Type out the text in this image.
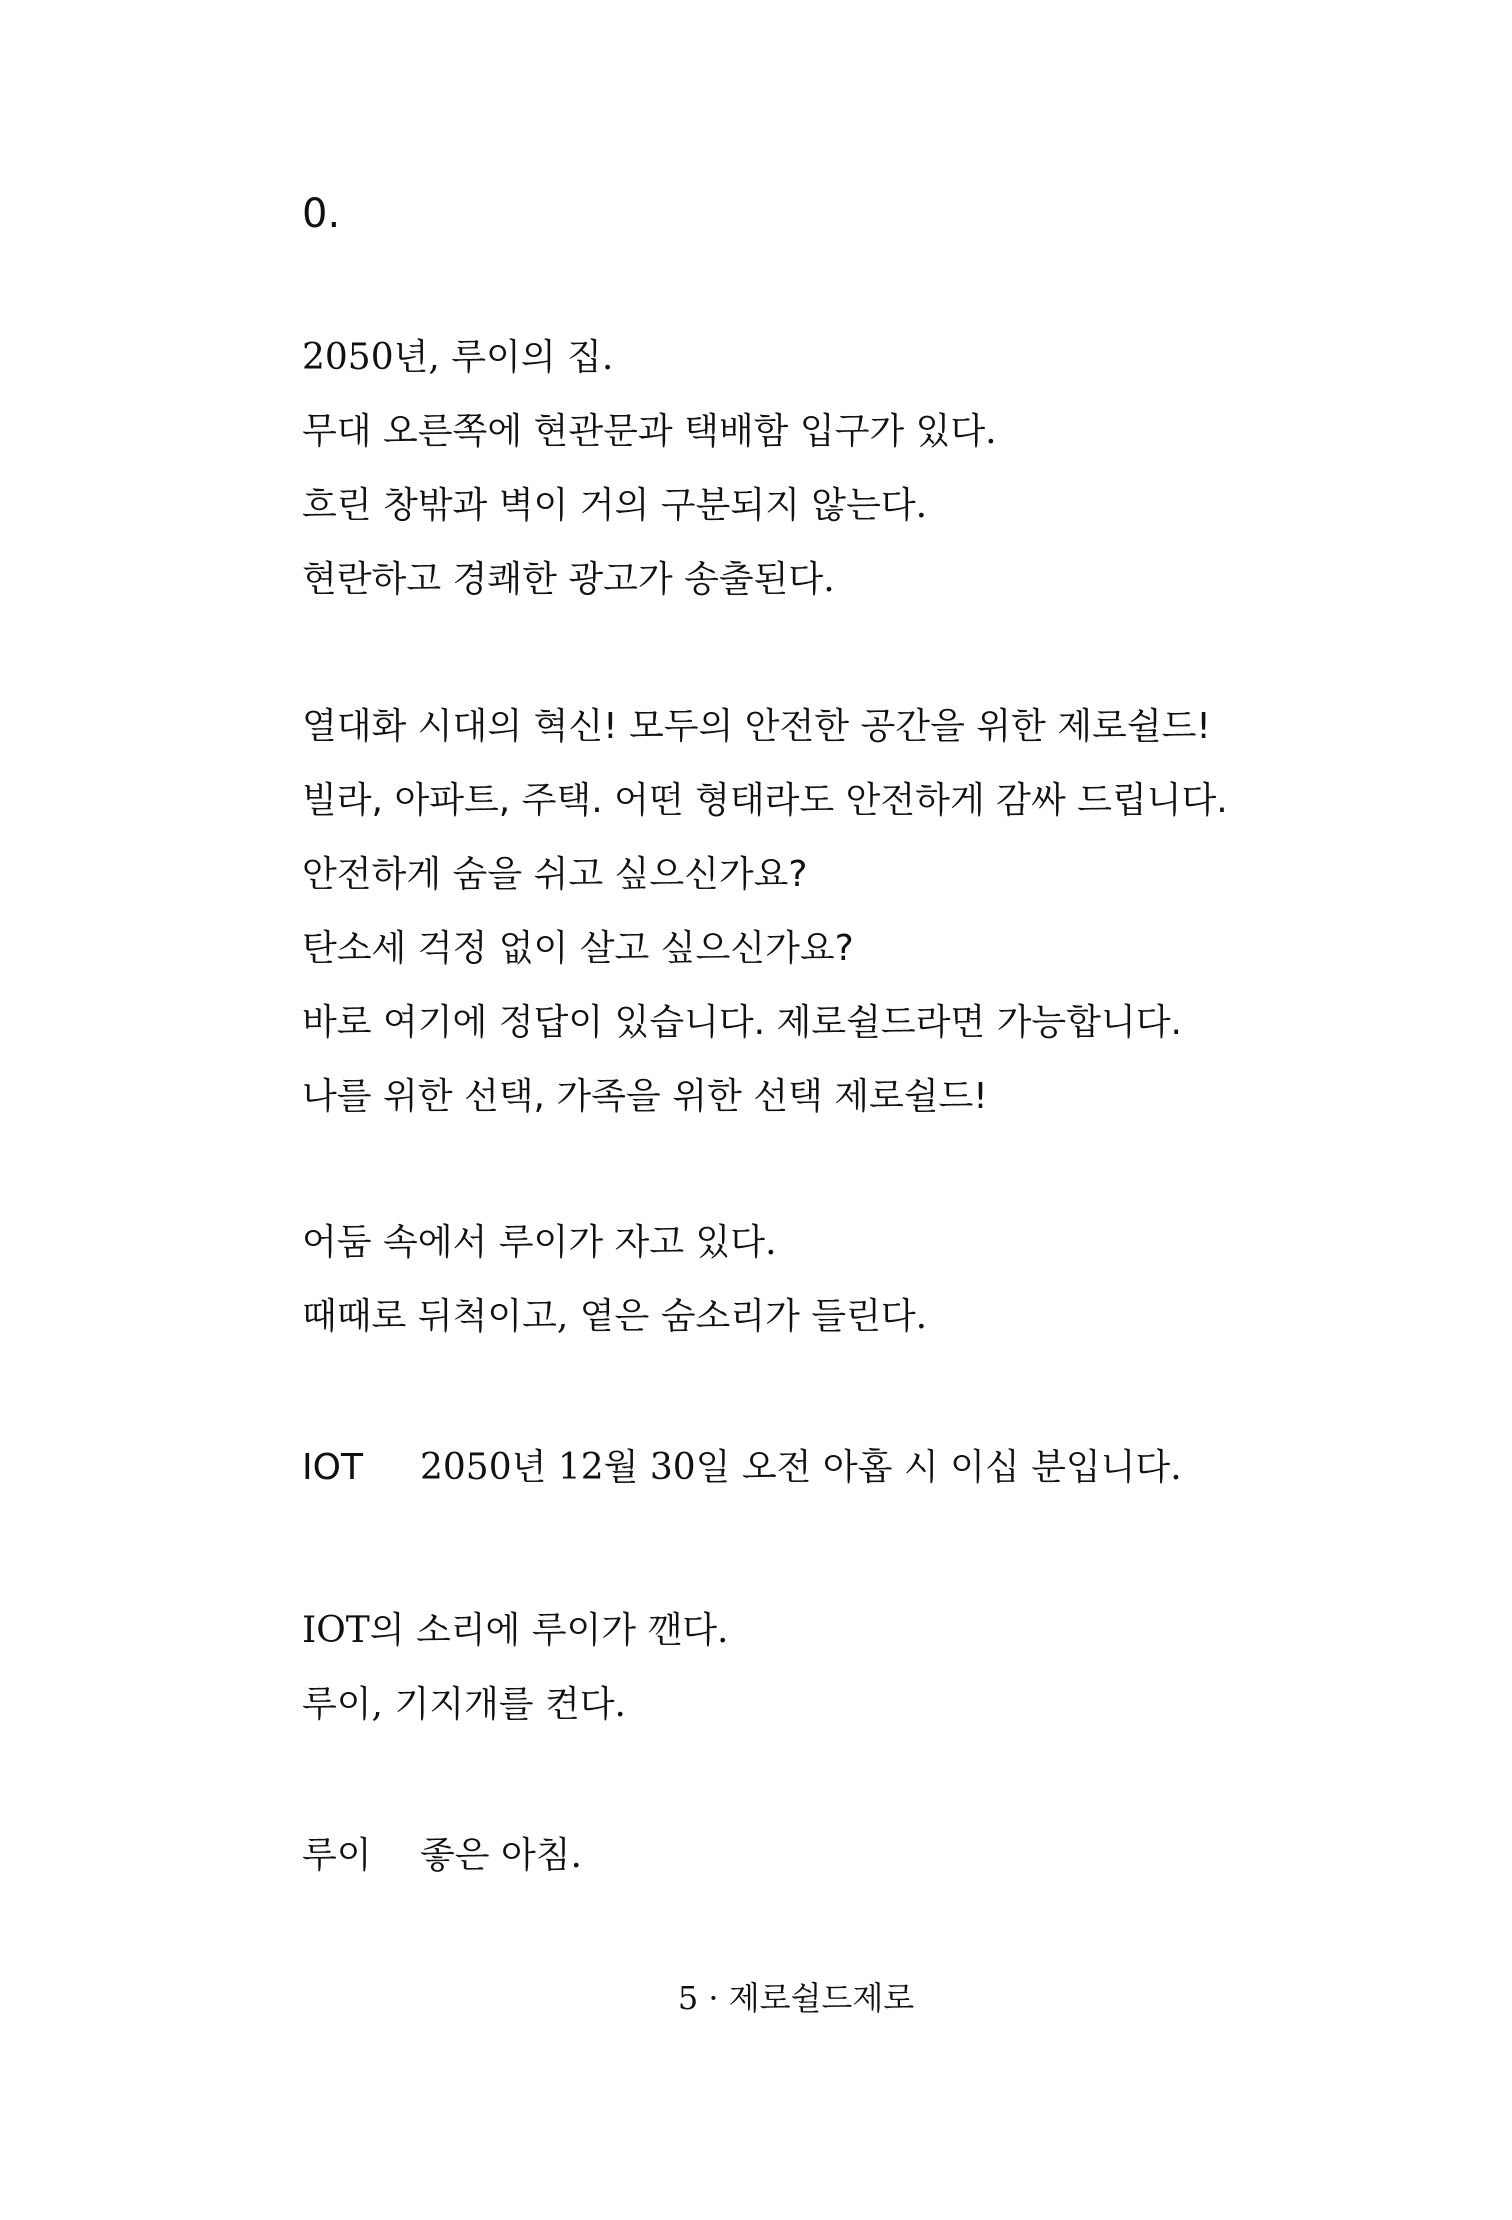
0.
2050년, 루이의 집.
무대 오른쪽에 현관문과 택배함 입구가 있다.
흐린 창밖과 벽이 거의 구분되지 않는다.
현란하고 경쾌한 광고가 송출된다.
열대화 시대의 혁신! 모두의 안전한 공간을 위한 제로쉴드!
빌라, 아파트, 주택. 어떤 형태라도 안전하게 감싸 드립니다.
안전하게 숨을 쉬고 싶으신가요?
탄소세 걱정 없이 살고 싶으신가요?
바로 여기에 정답이 있습니다. 제로쉴드라면 가능합니다.
나를 위한 선택, 가족을 위한 선택 제로쉴드!
어둠 속에서 루이가 자고 있다.
때때로 뒤척이고, 옅은 숨소리가 들린다.
IOT 2050년 12월 30일 오전 아홉 시 이십 분입니다.
IOT의 소리에 루이가 깬다.
루이, 기지개를 켠다.
루이 좋은 아침.
5 · 제로쉴드제로
